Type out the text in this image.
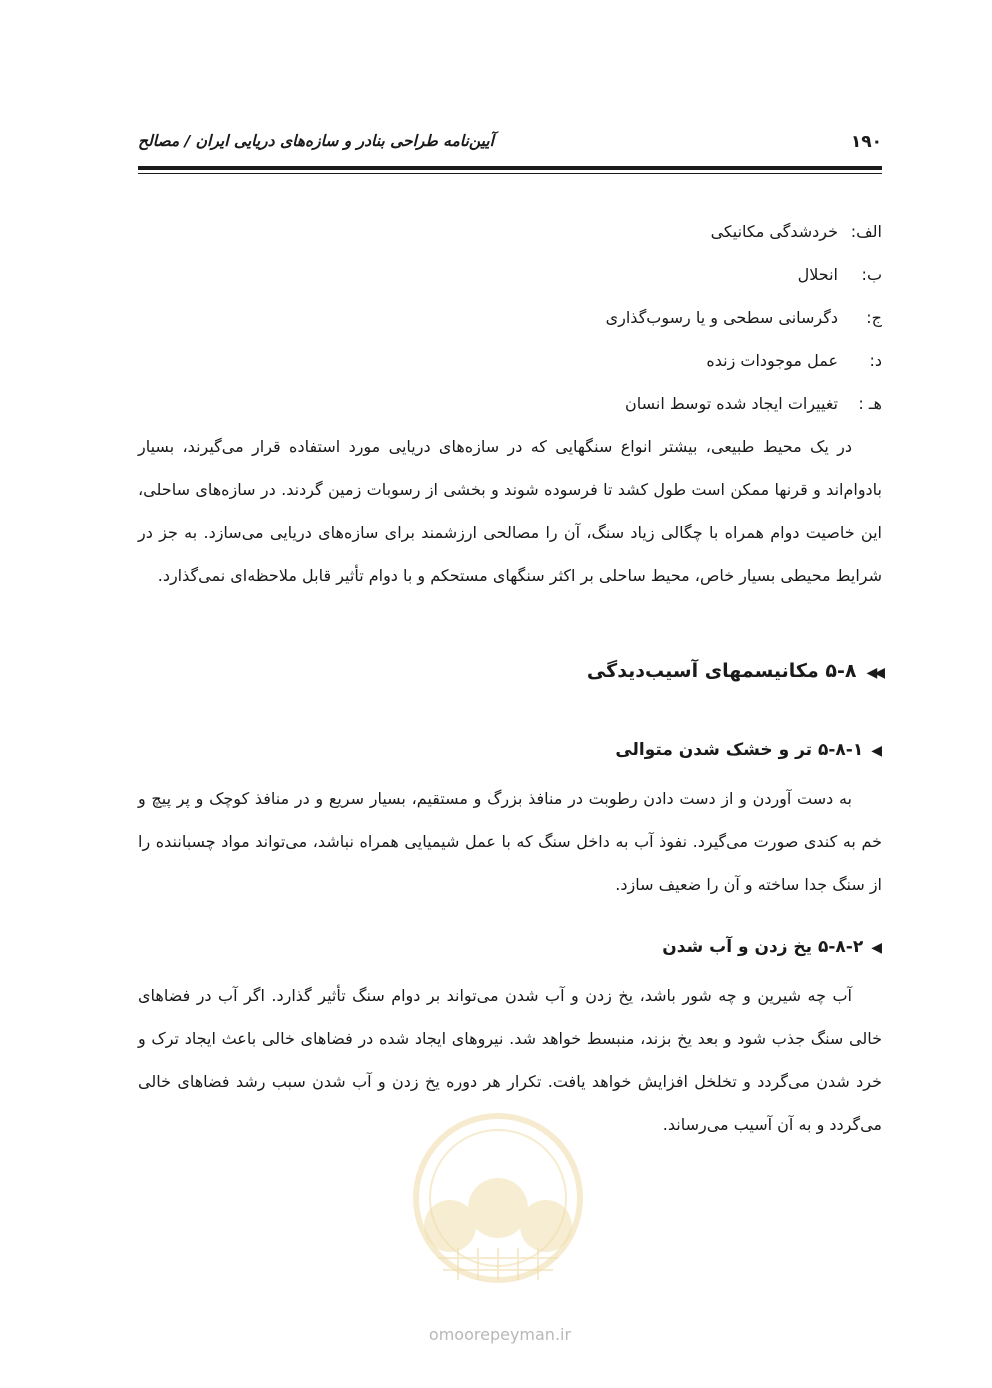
۱۹۰
آیین‌نامه طراحی بنادر و سازه‌های دریایی ایران / مصالح
الف:خردشدگی مکانیکی
ب:انحلال
ج:دگرسانی سطحی و یا رسوب‌گذاری
د:عمل موجودات زنده
هـ :تغییرات ایجاد شده توسط انسان

در یک محیط طبیعی، بیشتر انواع سنگهایی که در سازه‌های دریایی مورد استفاده قرار می‌گیرند، بسیار بادوام‌اند و قرنها ممکن است طول کشد تا فرسوده شوند و بخشی از رسوبات زمین گردند. در سازه‌های ساحلی، این خاصیت دوام همراه با چگالی زیاد سنگ، آن را مصالحی ارزشمند برای سازه‌های دریایی می‌سازد. به جز در شرایط محیطی بسیار خاص، محیط ساحلی بر اکثر سنگهای مستحکم و با دوام تأثیر قابل ملاحظه‌ای نمی‌گذارد.

◀◀۵-۸ مکانیسمهای آسیب‌دیدگی
◀۵-۸-۱ تر و خشک شدن متوالی

به دست آوردن و از دست دادن رطوبت در منافذ بزرگ و مستقیم، بسیار سریع و در منافذ کوچک و پر پیچ و خم به کندی صورت می‌گیرد. نفوذ آب به داخل سنگ که با عمل شیمیایی همراه نباشد، می‌تواند مواد چسباننده را از سنگ جدا ساخته و آن را ضعیف سازد.

◀۵-۸-۲ یخ زدن و آب شدن

آب چه شیرین و چه شور باشد، یخ زدن و آب شدن می‌تواند بر دوام سنگ تأثیر گذارد. اگر آب در فضاهای خالی سنگ جذب شود و بعد یخ بزند، منبسط خواهد شد. نیروهای ایجاد شده در فضاهای خالی باعث ایجاد ترک و خرد شدن می‌گردد و تخلخل افزایش خواهد یافت. تکرار هر دوره یخ زدن و آب شدن سبب رشد فضاهای خالی می‌گردد و به آن آسیب می‌رساند.

omoorepeyman.ir
